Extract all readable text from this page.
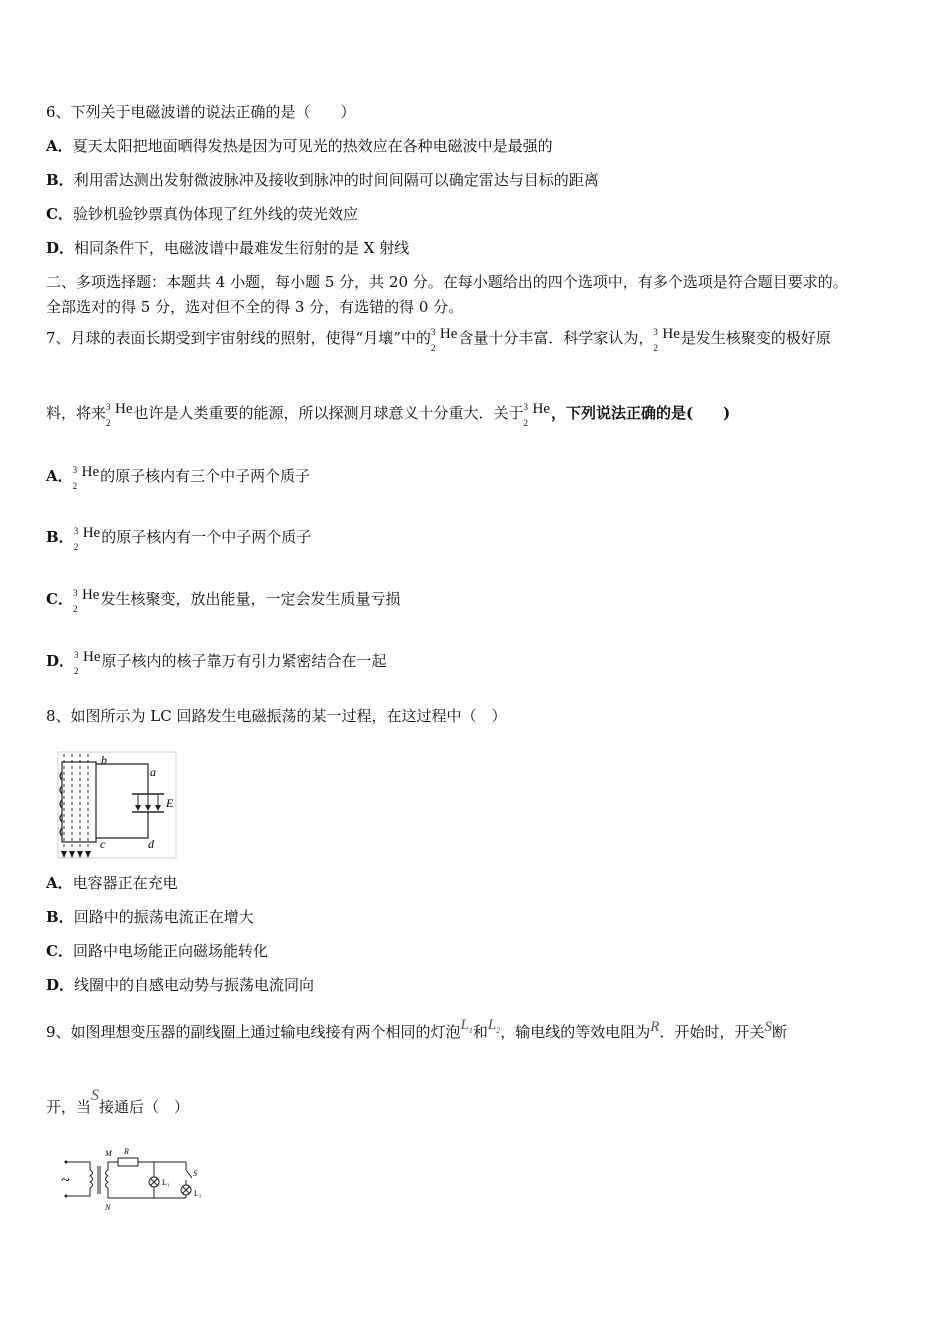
6、下列关于电磁波谱的说法正确的是（　　）
A．夏天太阳把地面晒得发热是因为可见光的热效应在各种电磁波中是最强的
B．利用雷达测出发射微波脉冲及接收到脉冲的时间间隔可以确定雷达与目标的距离
C．验钞机验钞票真伪体现了红外线的荧光效应
D．相同条件下，电磁波谱中最难发生衍射的是 X 射线
二、多项选择题：本题共 4 小题，每小题 5 分，共 20 分。在每小题给出的四个选项中，有多个选项是符合题目要求的。
全部选对的得 5 分，选对但不全的得 3 分，有选错的得 0 分。
7、月球的表面长期受到宇宙射线的照射，使得“月壤”中的 3
2
He含量十分丰富．科学家认为， 3
2
He是发生核聚变的极好原
料，将来 3
2
He也许是人类重要的能源，所以探测月球意义十分重大．关于 3
2
He，下列说法正确的是(　　)
A． 3
2
He的原子核内有三个中子两个质子
B． 3
2
He的原子核内有一个中子两个质子
C． 3
2
He发生核聚变，放出能量，一定会发生质量亏损
D． 3
2
He原子核内的核子靠万有引力紧密结合在一起
8、如图所示为 LC 回路发生电磁振荡的某一过程，在这过程中（　）
b
a
E
c	d
A．电容器正在充电
B．回路中的振荡电流正在增大
C．回路中电场能正向磁场能转化
D．线圈中的自感电动势与振荡电流同向
9、如图理想变压器的副线圈上通过输电线接有两个相同的灯泡$L_1$和$L_2$，输电线的等效电阻为R．开始时，开关S断
开，当S接通后（　）
~
M R
N
S
L₁
L₂
